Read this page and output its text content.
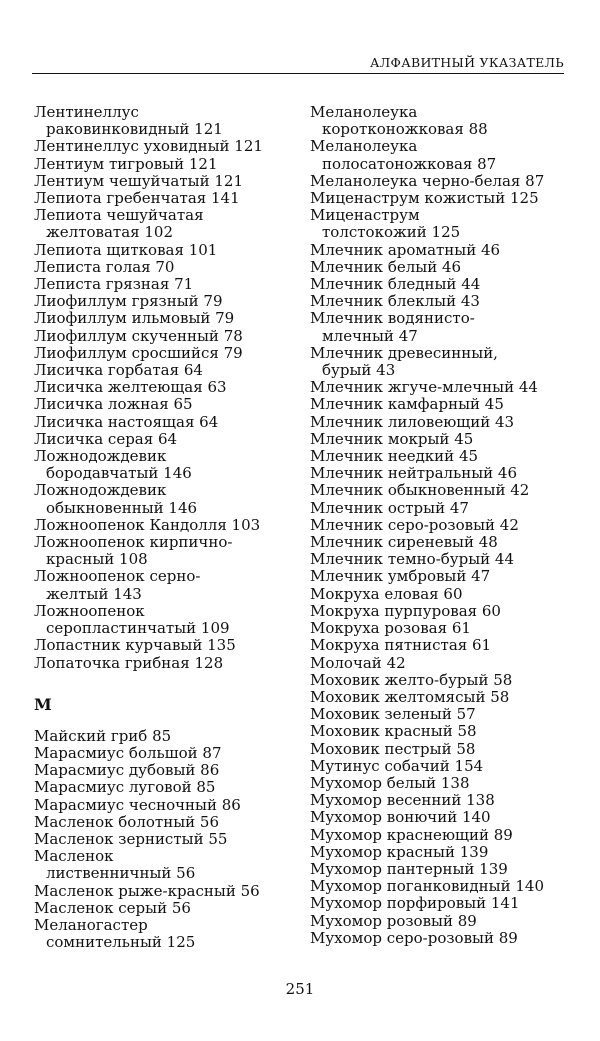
АЛФАВИТНЫЙ УКАЗАТЕЛЬ
Лентинеллус
раковинковидный 121
Лентинеллус уховидный 121
Лентиум тигровый 121
Лентиум чешуйчатый 121
Лепиота гребенчатая 141
Лепиота чешуйчатая
желтоватая 102
Лепиота щитковая 101
Леписта голая 70
Леписта грязная 71
Лиофиллум грязный 79
Лиофиллум ильмовый 79
Лиофиллум скученный 78
Лиофиллум сросшийся 79
Лисичка горбатая 64
Лисичка желтеющая 63
Лисичка ложная 65
Лисичка настоящая 64
Лисичка серая 64
Ложнодождевик
бородавчатый 146
Ложнодождевик
обыкновенный 146
Ложноопенок Кандолля 103
Ложноопенок кирпично-
красный 108
Ложноопенок серно-
желтый 143
Ложноопенок
серопластинчатый 109
Лопастник курчавый 135
Лопаточка грибная 128
М
Майский гриб 85
Марасмиус большой 87
Марасмиус дубовый 86
Марасмиус луговой 85
Марасмиус чесночный 86
Масленок болотный 56
Масленок зернистый 55
Масленок
лиственничный 56
Масленок рыже-красный 56
Масленок серый 56
Меланогастер
сомнительный 125
Меланолеука
коротконожковая 88
Меланолеука
полосатоножковая 87
Меланолеука черно-белая 87
Миценаструм кожистый 125
Миценаструм
толстокожий 125
Млечник ароматный 46
Млечник белый 46
Млечник бледный 44
Млечник блеклый 43
Млечник водянисто-
млечный 47
Млечник древесинный,
бурый 43
Млечник жгуче-млечный 44
Млечник камфарный 45
Млечник лиловеющий 43
Млечник мокрый 45
Млечник неедкий 45
Млечник нейтральный 46
Млечник обыкновенный 42
Млечник острый 47
Млечник серо-розовый 42
Млечник сиреневый 48
Млечник темно-бурый 44
Млечник умбровый 47
Мокруха еловая 60
Мокруха пурпуровая 60
Мокруха розовая 61
Мокруха пятнистая 61
Молочай 42
Моховик желто-бурый 58
Моховик желтомясый 58
Моховик зеленый 57
Моховик красный 58
Моховик пестрый 58
Мутинус собачий 154
Мухомор белый 138
Мухомор весенний 138
Мухомор вонючий 140
Мухомор краснеющий 89
Мухомор красный 139
Мухомор пантерный 139
Мухомор поганковидный 140
Мухомор порфировый 141
Мухомор розовый 89
Мухомор серо-розовый 89
251
